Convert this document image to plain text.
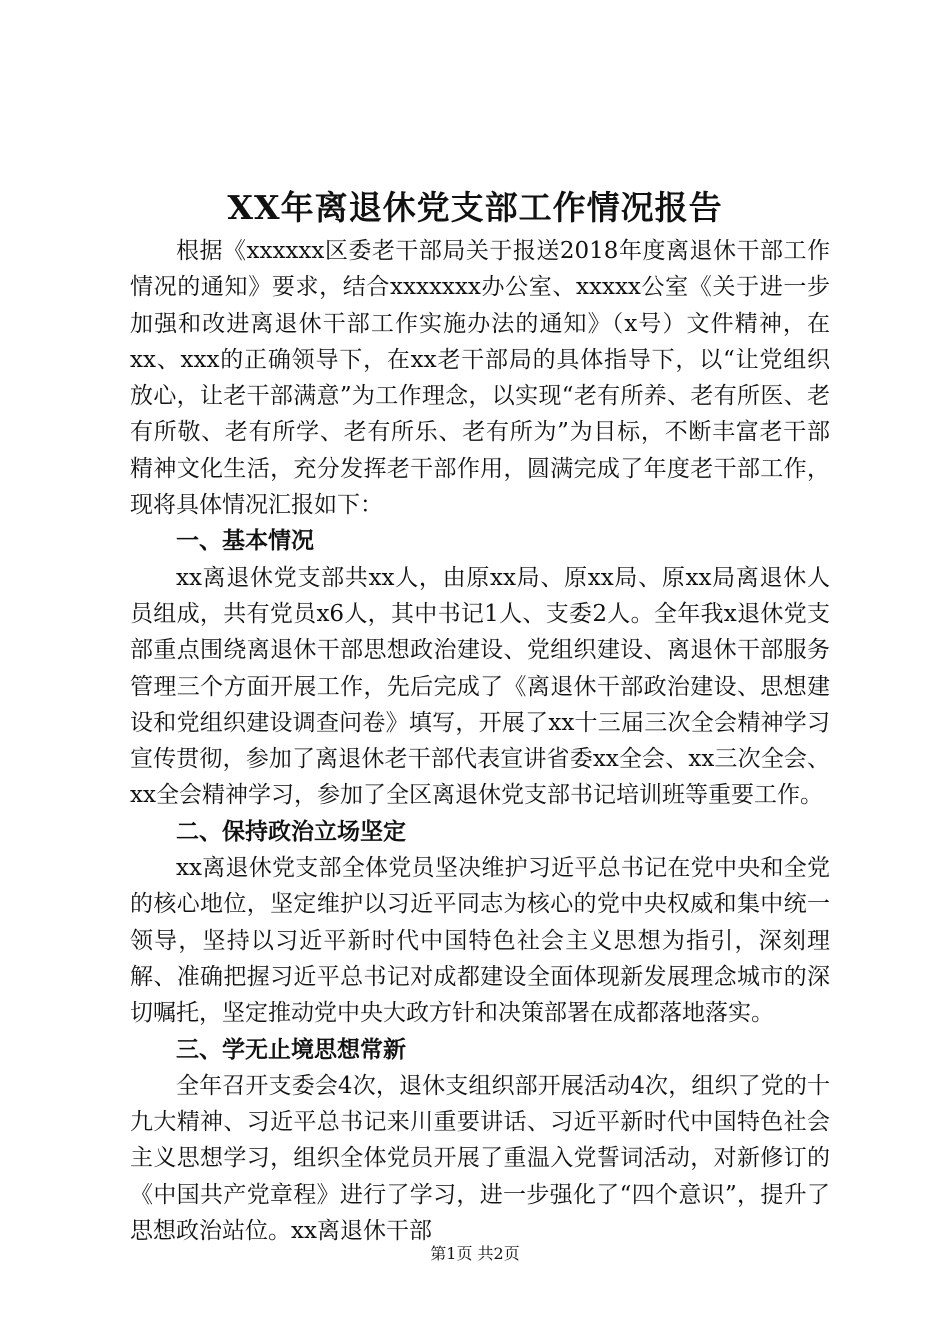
XX年离退休党支部工作情况报告

根据《xxxxxx区委老干部局关于报送2018年度离退休干部工作情况的通知》要求，结合xxxxxxx办公室、xxxxx公室《关于进一步加强和改进离退休干部工作实施办法的通知》（x号）文件精神，在xx、xxx的正确领导下，在xx老干部局的具体指导下，以“让党组织放心，让老干部满意”为工作理念，以实现“老有所养、老有所医、老有所敬、老有所学、老有所乐、老有所为”为目标，不断丰富老干部精神文化生活，充分发挥老干部作用，圆满完成了年度老干部工作，现将具体情况汇报如下：

一、基本情况

xx离退休党支部共xx人，由原xx局、原xx局、原xx局离退休人员组成，共有党员x6人，其中书记1人、支委2人。全年我x退休党支部重点围绕离退休干部思想政治建设、党组织建设、离退休干部服务管理三个方面开展工作，先后完成了《离退休干部政治建设、思想建设和党组织建设调查问卷》填写，开展了xx十三届三次全会精神学习宣传贯彻，参加了离退休老干部代表宣讲省委xx全会、xx三次全会、xx全会精神学习，参加了全区离退休党支部书记培训班等重要工作。

二、保持政治立场坚定

xx离退休党支部全体党员坚决维护习近平总书记在党中央和全党的核心地位，坚定维护以习近平同志为核心的党中央权威和集中统一领导，坚持以习近平新时代中国特色社会主义思想为指引，深刻理解、准确把握习近平总书记对成都建设全面体现新发展理念城市的深切嘱托，坚定推动党中央大政方针和决策部署在成都落地落实。

三、学无止境思想常新

全年召开支委会4次，退休支组织部开展活动4次，组织了党的十九大精神、习近平总书记来川重要讲话、习近平新时代中国特色社会主义思想学习，组织全体党员开展了重温入党誓词活动，对新修订的《中国共产党章程》进行了学习，进一步强化了“四个意识”，提升了思想政治站位。xx离退休干部

第1页 共2页
